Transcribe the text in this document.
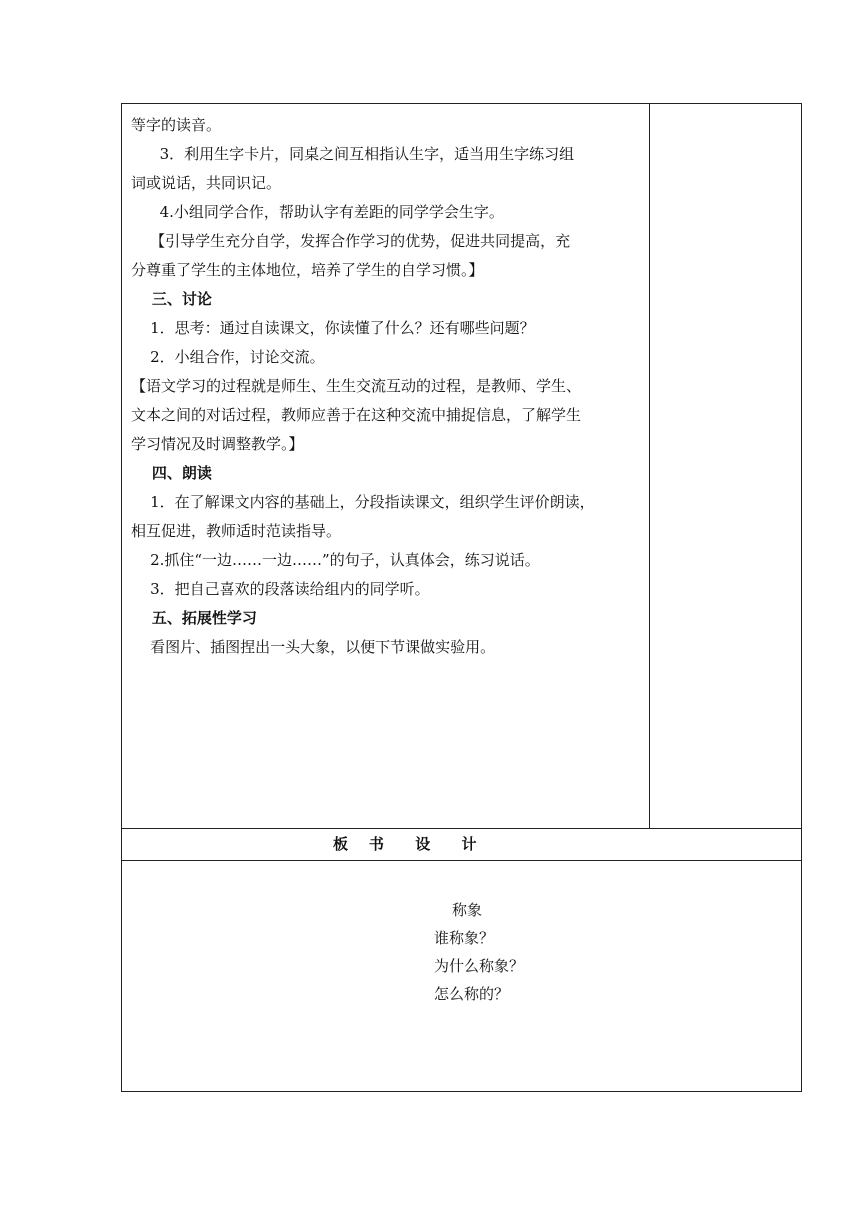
等字的读音。
3．利用生字卡片，同桌之间互相指认生字，适当用生字练习组
词或说话，共同识记。
4.小组同学合作，帮助认字有差距的同学学会生字。
【引导学生充分自学，发挥合作学习的优势，促进共同提高，充
分尊重了学生的主体地位，培养了学生的自学习惯。】
三、讨论
1．思考：通过自读课文，你读懂了什么？还有哪些问题？
2．小组合作，讨论交流。
【语文学习的过程就是师生、生生交流互动的过程，是教师、学生、
文本之间的对话过程，教师应善于在这种交流中捕捉信息，了解学生
学习情况及时调整教学。】
四、朗读
1．在了解课文内容的基础上，分段指读课文，组织学生评价朗读，
相互促进，教师适时范读指导。
2.抓住“一边……一边……”的句子，认真体会，练习说话。
3．把自己喜欢的段落读给组内的同学听。
五、拓展性学习
看图片、插图捏出一头大象，以便下节课做实验用。
板    书      设      计
称象
谁称象？
为什么称象？
怎么称的？
